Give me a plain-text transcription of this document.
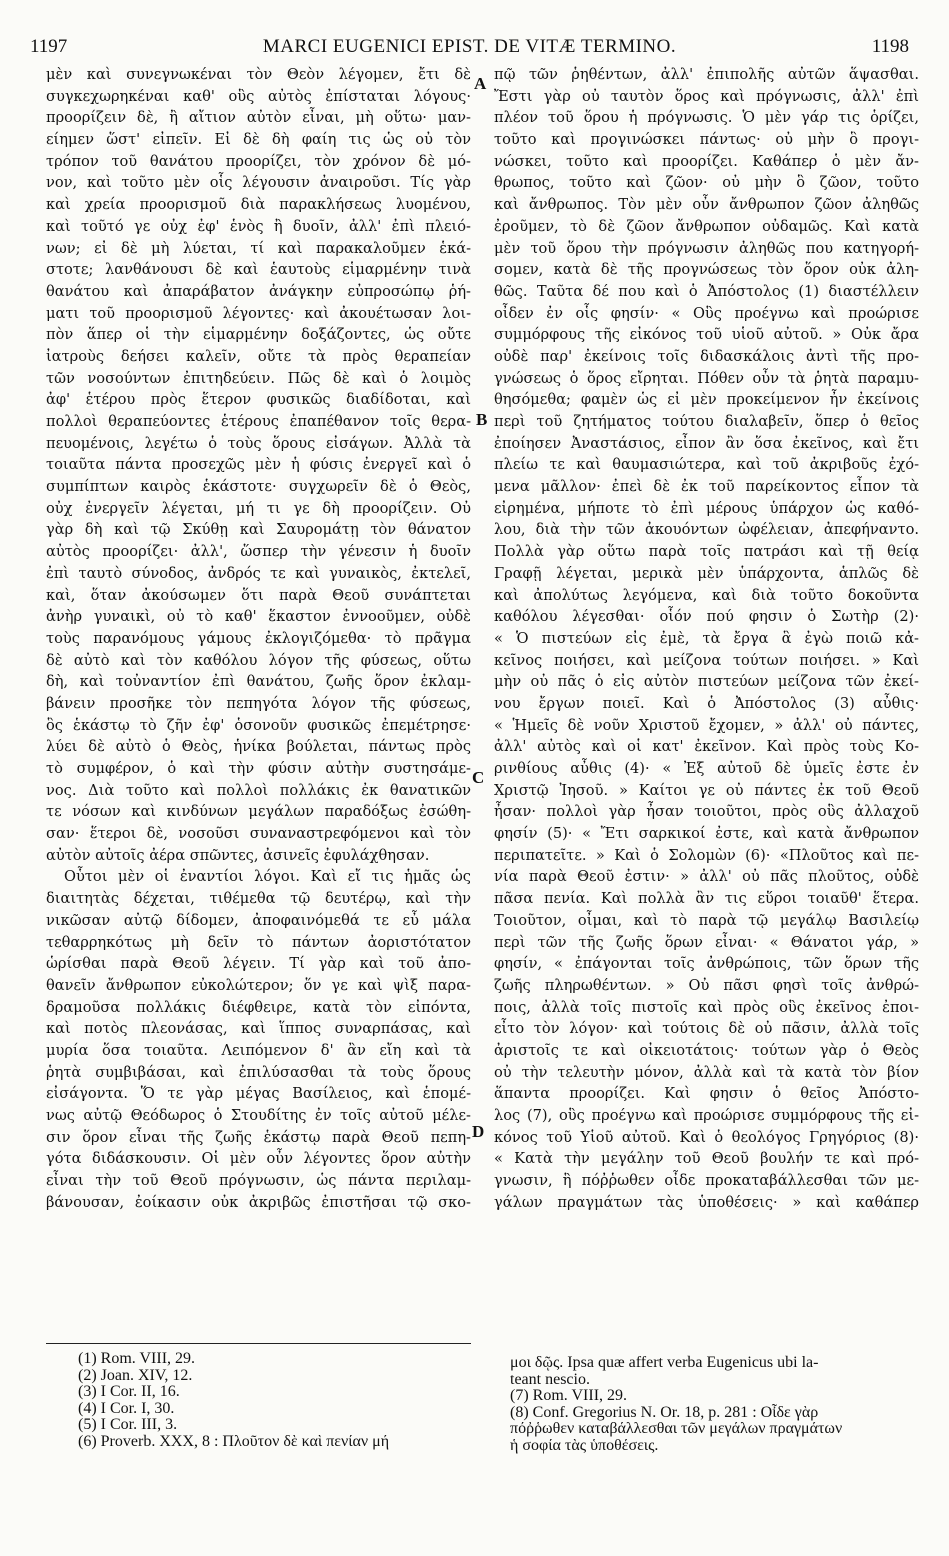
1197	MARCI EUGENICI EPIST. DE VITÆ TERMINO.	1198
μὲν καὶ συνεγνωκέναι τὸν Θεὸν λέγομεν, ἔτι δὲ
συγκεχωρηκέναι καθ' οὓς αὐτὸς ἐπίσταται λόγους·
προορίζειν δὲ, ἢ αἴτιον αὐτὸν εἶναι, μὴ οὕτω· μαν-
είημεν ὥστ' εἰπεῖν. Εἰ δὲ δὴ φαίη τις ὡς οὐ τὸν
τρόπον τοῦ θανάτου προορίζει, τὸν χρόνον δὲ μό-
νον, καὶ τοῦτο μὲν οἷς λέγουσιν ἀναιροῦσι. Τίς γὰρ
καὶ χρεία προορισμοῦ διὰ παρακλήσεως λυομένου,
καὶ τοῦτό γε οὐχ ἐφ' ἑνὸς ἢ δυοῖν, ἀλλ' ἐπὶ πλειό-
νων; εἰ δὲ μὴ λύεται, τί καὶ παρακαλοῦμεν ἑκά-
στοτε; λανθάνουσι δὲ καὶ ἑαυτοὺς εἱμαρμένην τινὰ
θανάτου καὶ ἀπαράβατον ἀνάγκην εὐπροσώπῳ ῥή-
ματι τοῦ προορισμοῦ λέγοντες· καὶ ἀκουέτωσαν λοι-
πὸν ἅπερ οἱ τὴν εἱμαρμένην δοξάζοντες, ὡς οὔτε
ἰατροὺς δεήσει καλεῖν, οὔτε τὰ πρὸς θεραπείαν
τῶν νοσούντων ἐπιτηδεύειν. Πῶς δὲ καὶ ὁ λοιμὸς
ἀφ' ἑτέρου πρὸς ἕτερον φυσικῶς διαδίδοται, καὶ
πολλοὶ θεραπεύοντες ἑτέρους ἐπαπέθανον τοῖς θερα-
πευομένοις, λεγέτω ὁ τοὺς ὅρους εἰσάγων. Ἀλλὰ τὰ
τοιαῦτα πάντα προσεχῶς μὲν ἡ φύσις ἐνεργεῖ καὶ ὁ
συμπίπτων καιρὸς ἑκάστοτε· συγχωρεῖν δὲ ὁ Θεὸς,
οὐχ ἐνεργεῖν λέγεται, μή τι γε δὴ προορίζειν. Οὐ
γὰρ δὴ καὶ τῷ Σκύθῃ καὶ Σαυρομάτῃ τὸν θάνατον
αὐτὸς προορίζει· ἀλλ', ὥσπερ τὴν γένεσιν ἡ δυοῖν
ἐπὶ ταυτὸ σύνοδος, ἀνδρός τε καὶ γυναικὸς, ἐκτελεῖ,
καὶ, ὅταν ἀκούσωμεν ὅτι παρὰ Θεοῦ συνάπτεται
ἀνὴρ γυναικὶ, οὐ τὸ καθ' ἕκαστον ἐννοοῦμεν, οὐδὲ
τοὺς παρανόμους γάμους ἐκλογιζόμεθα· τὸ πρᾶγμα
δὲ αὐτὸ καὶ τὸν καθόλου λόγον τῆς φύσεως, οὕτω
δὴ, καὶ τοὐναντίον ἐπὶ θανάτου, ζωῆς ὅρον ἐκλαμ-
βάνειν προσῆκε τὸν πεπηγότα λόγον τῆς φύσεως,
ὃς ἑκάστῳ τὸ ζῆν ἐφ' ὁσονοῦν φυσικῶς ἐπεμέτρησε·
λύει δὲ αὐτὸ ὁ Θεὸς, ἡνίκα βούλεται, πάντως πρὸς
τὸ συμφέρον, ὁ καὶ τὴν φύσιν αὐτὴν συστησάμε-
νος. Διὰ τοῦτο καὶ πολλοὶ πολλάκις ἐκ θανατικῶν
τε νόσων καὶ κινδύνων μεγάλων παραδόξως ἐσώθη-
σαν· ἕτεροι δὲ, νοσοῦσι συναναστρεφόμενοι καὶ τὸν
αὐτὸν αὐτοῖς ἀέρα σπῶντες, ἀσινεῖς ἐφυλάχθησαν.
Οὗτοι μὲν οἱ ἐναντίοι λόγοι. Καὶ εἴ τις ἡμᾶς ὡς
διαιτητὰς δέχεται, τιθέμεθα τῷ δευτέρῳ, καὶ τὴν
νικῶσαν αὐτῷ δίδομεν, ἀποφαινόμεθά τε εὖ μάλα
τεθαρρηκότως μὴ δεῖν τὸ πάντων ἀοριστότατον
ὡρίσθαι παρὰ Θεοῦ λέγειν. Τί γὰρ καὶ τοῦ ἀπο-
θανεῖν ἄνθρωπον εὐκολώτερον; ὅν γε καὶ ψὶξ παρα-
δραμοῦσα πολλάκις διέφθειρε, κατὰ τὸν εἰπόντα,
καὶ ποτὸς πλεονάσας, καὶ ἵππος συναρπάσας, καὶ
μυρία ὅσα τοιαῦτα. Λειπόμενον δ' ἂν εἴη καὶ τὰ
ῥητὰ συμβιβάσαι, καὶ ἐπιλύσασθαι τὰ τοὺς ὅρους
εἰσάγοντα. Ὅ τε γὰρ μέγας Βασίλειος, καὶ ἑπομέ-
νως αὐτῷ Θεόδωρος ὁ Στουδίτης ἐν τοῖς αὐτοῦ μέλε-
σιν ὅρον εἶναι τῆς ζωῆς ἑκάστῳ παρὰ Θεοῦ πεπη-
γότα διδάσκουσιν. Οἱ μὲν οὖν λέγοντες ὅρον αὐτὴν
εἶναι τὴν τοῦ Θεοῦ πρόγνωσιν, ὡς πάντα περιλαμ-
βάνουσαν, ἐοίκασιν οὐκ ἀκριβῶς ἐπιστῆσαι τῷ σκο-
πῷ τῶν ῥηθέντων, ἀλλ' ἐπιπολῆς αὐτῶν ἅψασθαι.
Ἔστι γὰρ οὐ ταυτὸν ὅρος καὶ πρόγνωσις, ἀλλ' ἐπὶ
πλέον τοῦ ὅρου ἡ πρόγνωσις. Ὁ μὲν γάρ τις ὁρίζει,
τοῦτο καὶ προγινώσκει πάντως· οὐ μὴν ὃ προγι-
νώσκει, τοῦτο καὶ προορίζει. Καθάπερ ὁ μὲν ἄν-
θρωπος, τοῦτο καὶ ζῶον· οὐ μὴν ὃ ζῶον, τοῦτο
καὶ ἄνθρωπος. Τὸν μὲν οὖν ἄνθρωπον ζῶον ἀληθῶς
ἐροῦμεν, τὸ δὲ ζῶον ἄνθρωπον οὐδαμῶς. Καὶ κατὰ
μὲν τοῦ ὅρου τὴν πρόγνωσιν ἀληθῶς που κατηγορή-
σομεν, κατὰ δὲ τῆς προγνώσεως τὸν ὅρον οὐκ ἀλη-
θῶς. Ταῦτα δέ που καὶ ὁ Ἀπόστολος (1) διαστέλλειν
οἶδεν ἐν οἷς φησίν· « Οὓς προέγνω καὶ προώρισε
συμμόρφους τῆς εἰκόνος τοῦ υἱοῦ αὐτοῦ. » Οὐκ ἄρα
οὐδὲ παρ' ἐκείνοις τοῖς διδασκάλοις ἀντὶ τῆς προ-
γνώσεως ὁ ὅρος εἴρηται. Πόθεν οὖν τὰ ῥητὰ παραμυ-
θησόμεθα; φαμὲν ὡς εἰ μὲν προκείμενον ἦν ἐκείνοις
περὶ τοῦ ζητήματος τούτου διαλαβεῖν, ὅπερ ὁ θεῖος
ἐποίησεν Ἀναστάσιος, εἶπον ἂν ὅσα ἐκεῖνος, καὶ ἔτι
πλείω τε καὶ θαυμασιώτερα, καὶ τοῦ ἀκριβοῦς ἐχό-
μενα μᾶλλον· ἐπεὶ δὲ ἐκ τοῦ παρείκοντος εἶπον τὰ
εἰρημένα, μήποτε τὸ ἐπὶ μέρους ὑπάρχον ὡς καθό-
λου, διὰ τὴν τῶν ἀκουόντων ὠφέλειαν, ἀπεφήναντο.
Πολλὰ γὰρ οὕτω παρὰ τοῖς πατράσι καὶ τῇ θείᾳ
Γραφῇ λέγεται, μερικὰ μὲν ὑπάρχοντα, ἁπλῶς δὲ
καὶ ἀπολύτως λεγόμενα, καὶ διὰ τοῦτο δοκοῦντα
καθόλου λέγεσθαι· οἷόν πού φησιν ὁ Σωτὴρ (2)·
« Ὁ πιστεύων εἰς ἐμὲ, τὰ ἔργα ἃ ἐγὼ ποιῶ κἀ-
κεῖνος ποιήσει, καὶ μείζονα τούτων ποιήσει. » Καὶ
μὴν οὐ πᾶς ὁ εἰς αὐτὸν πιστεύων μείζονα τῶν ἐκεί-
νου ἔργων ποιεῖ. Καὶ ὁ Ἀπόστολος (3) αὖθις·
« Ἡμεῖς δὲ νοῦν Χριστοῦ ἔχομεν, » ἀλλ' οὐ πάντες,
ἀλλ' αὐτὸς καὶ οἱ κατ' ἐκεῖνον. Καὶ πρὸς τοὺς Κο-
ρινθίους αὖθις (4)· « Ἐξ αὐτοῦ δὲ ὑμεῖς ἐστε ἐν
Χριστῷ Ἰησοῦ. » Καίτοι γε οὐ πάντες ἐκ τοῦ Θεοῦ
ἦσαν· πολλοὶ γὰρ ἦσαν τοιοῦτοι, πρὸς οὓς ἀλλαχοῦ
φησίν (5)· « Ἔτι σαρκικοί ἐστε, καὶ κατὰ ἄνθρωπον
περιπατεῖτε. » Καὶ ὁ Σολομὼν (6)· «Πλοῦτος καὶ πε-
νία παρὰ Θεοῦ ἐστιν· » ἀλλ' οὐ πᾶς πλοῦτος, οὐδὲ
πᾶσα πενία. Καὶ πολλὰ ἂν τις εὕροι τοιαῦθ' ἕτερα.
Τοιοῦτον, οἶμαι, καὶ τὸ παρὰ τῷ μεγάλῳ Βασιλείῳ
περὶ τῶν τῆς ζωῆς ὅρων εἶναι· « Θάνατοι γάρ, »
φησίν, « ἐπάγονται τοῖς ἀνθρώποις, τῶν ὅρων τῆς
ζωῆς πληρωθέντων. » Οὐ πᾶσι φησὶ τοῖς ἀνθρώ-
ποις, ἀλλὰ τοῖς πιστοῖς καὶ πρὸς οὓς ἐκεῖνος ἐποι-
εἶτο τὸν λόγον· καὶ τούτοις δὲ οὐ πᾶσιν, ἀλλὰ τοῖς
ἀριστοῖς τε καὶ οἰκειοτάτοις· τούτων γὰρ ὁ Θεὸς
οὐ τὴν τελευτὴν μόνον, ἀλλὰ καὶ τὰ κατὰ τὸν βίον
ἅπαντα προορίζει. Καὶ φησιν ὁ θεῖος Ἀπόστο-
λος (7), οὓς προέγνω καὶ προώρισε συμμόρφους τῆς εἰ-
κόνος τοῦ Υἱοῦ αὐτοῦ. Καὶ ὁ θεολόγος Γρηγόριος (8)·
« Κατὰ τὴν μεγάλην τοῦ Θεοῦ βουλήν τε καὶ πρό-
γνωσιν, ἣ πόῤῥωθεν οἶδε προκαταβάλλεσθαι τῶν με-
γάλων πραγμάτων τὰς ὑποθέσεις· » καὶ καθάπερ
A
B
C
D
(1) Rom. VIII, 29.
(2) Joan. XIV, 12.
(3) I Cor. II, 16.
(4) I Cor. I, 30.
(5) I Cor. III, 3.
(6) Proverb. XXX, 8 : Πλοῦτον δὲ καὶ πενίαν μή
μοι δῷς. Ipsa quæ affert verba Eugenicus ubi la-
teant nescio.
(7) Rom. VIII, 29.
(8) Conf. Gregorius N. Or. 18, p. 281 : Οἶδε γὰρ
πόῤῥωθεν καταβάλλεσθαι τῶν μεγάλων πραγμάτων
ἡ σοφία τὰς ὑποθέσεις.
